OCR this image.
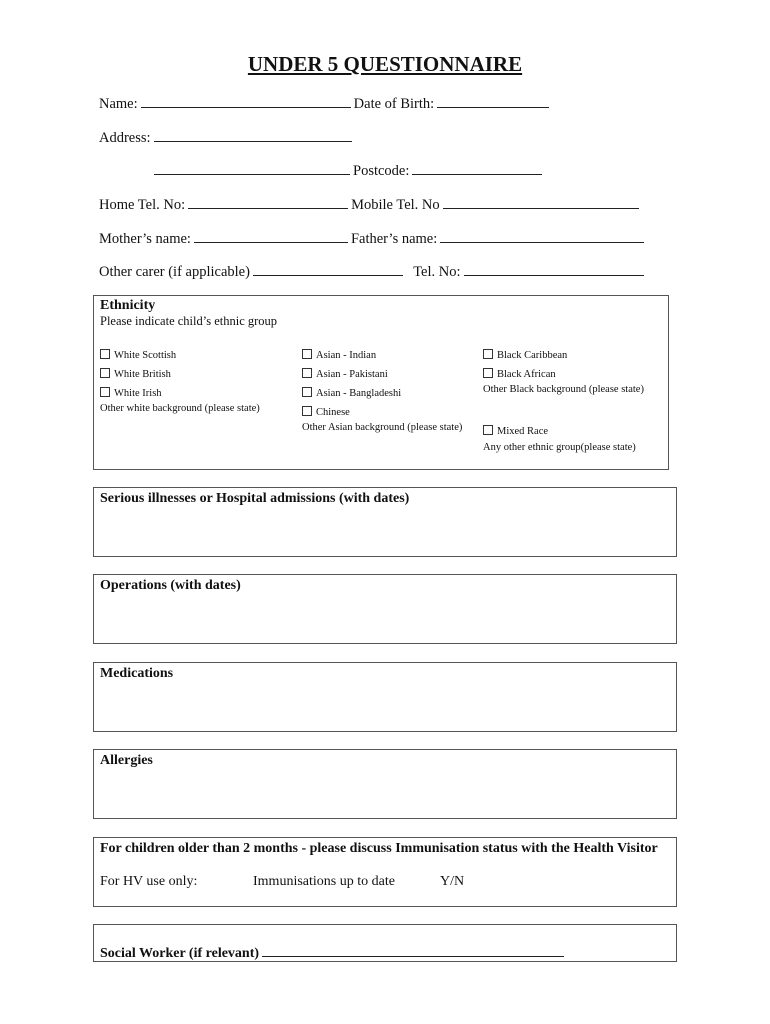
UNDER 5 QUESTIONNAIRE
Name:	Date of Birth:
Address:
Postcode:
Home Tel. No:	Mobile Tel. No
Mother’s name:	Father’s name:
Other carer (if applicable)	Tel. No:
Ethnicity
Please indicate child’s ethnic group
White Scottish
White British
White Irish
Other white background (please state)
Asian - Indian
Asian - Pakistani
Asian - Bangladeshi
Chinese
Other Asian background (please state)
Black Caribbean
Black African
Other Black background (please state)
Mixed Race
Any other ethnic group(please state)
Serious illnesses or Hospital admissions (with dates)
Operations (with dates)
Medications
Allergies
For children older than 2 months - please discuss Immunisation status with the Health Visitor
For HV use only:	Immunisations up to date	Y/N
Social Worker (if relevant)
